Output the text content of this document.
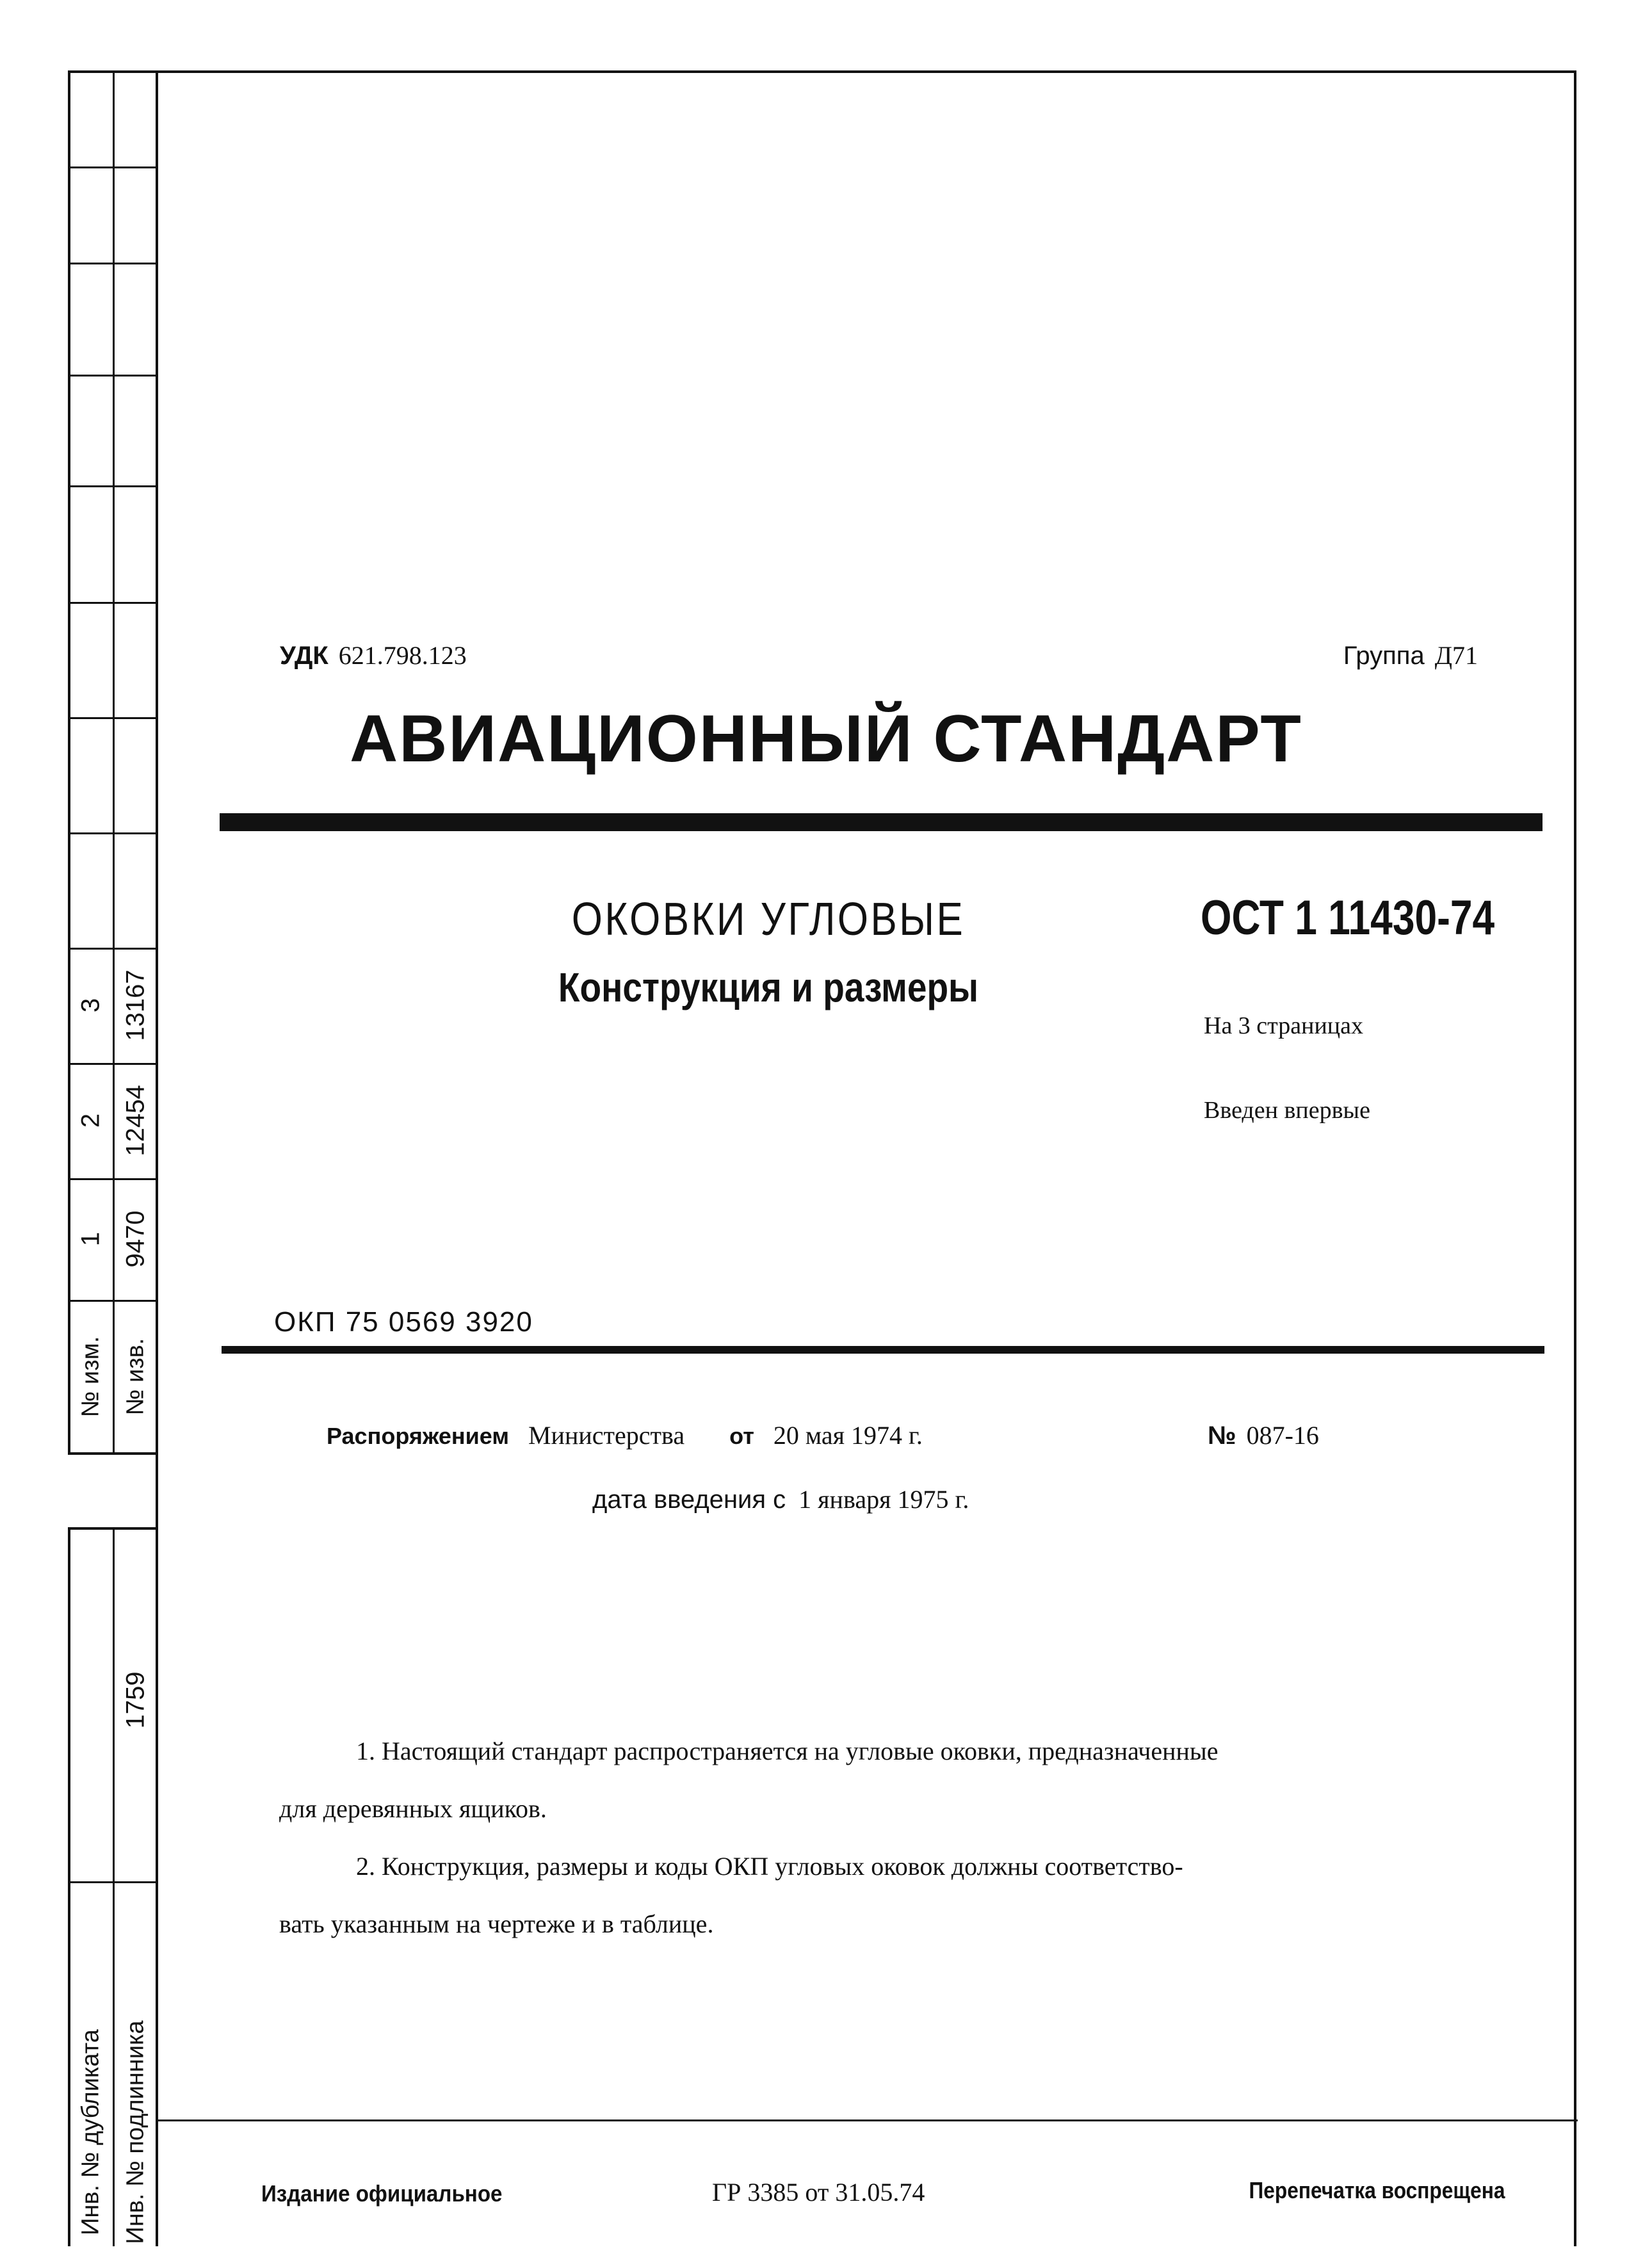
№ изм. № изв.
1 9470
2 12454
3 13167
1759
Инв. № дубликата Инв. № подлинника
УДК 621.798.123	Группа Д71
АВИАЦИОННЫЙ СТАНДАРТ
ОКОВКИ УГЛОВЫЕ
Конструкция и размеры
ОСТ 1 11430-74
На 3 страницах
Введен впервые
ОКП 75 0569 3920
Распоряжением Министерства от 20 мая 1974 г.	№ 087-16
дата введения с 1 января 1975 г.
1. Настоящий стандарт распространяется на угловые оковки, предназначенные
для деревянных ящиков.
2. Конструкция, размеры и коды ОКП угловых оковок должны соответство-
вать указанным на чертеже и в таблице.
Издание официальное	ГР 3385 от 31.05.74	Перепечатка воспрещена
